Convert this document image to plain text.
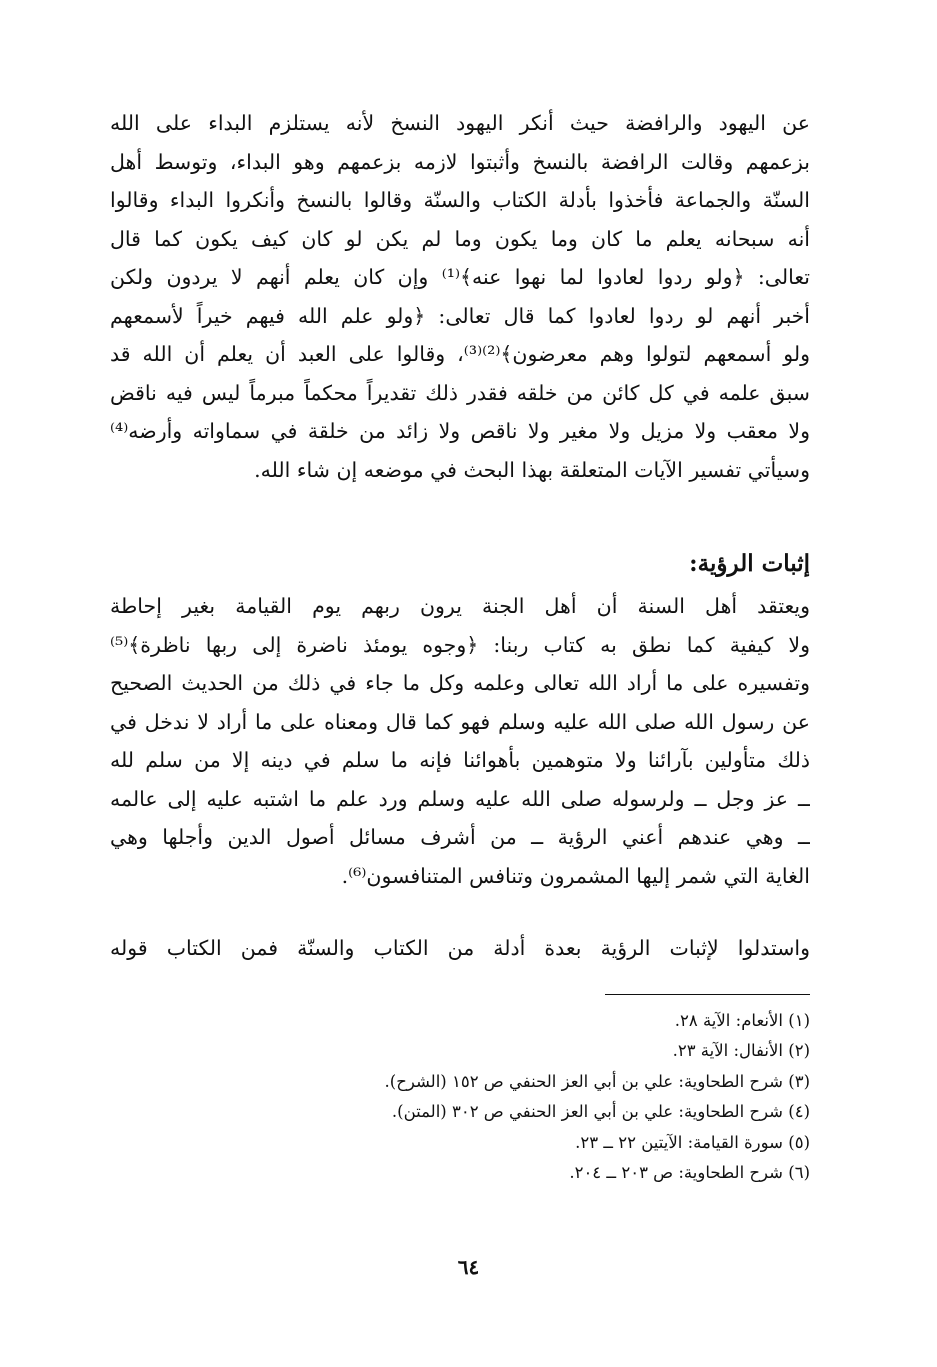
عن اليهود والرافضة حيث أنكر اليهود النسخ لأنه يستلزم البداء على الله
بزعمهم وقالت الرافضة بالنسخ وأثبتوا لازمه بزعمهم وهو البداء، وتوسط أهل
السنّة والجماعة فأخذوا بأدلة الكتاب والسنّة وقالوا بالنسخ وأنكروا البداء وقالوا
أنه سبحانه يعلم ما كان وما يكون وما لم يكن لو كان كيف يكون كما قال
تعالى: ﴿ولو ردوا لعادوا لما نهوا عنه﴾⁽¹⁾ وإن كان يعلم أنهم لا يردون ولكن
أخبر أنهم لو ردوا لعادوا كما قال تعالى: ﴿ولو علم الله فيهم خيراً لأسمعهم
ولو أسمعهم لتولوا وهم معرضون﴾⁽²⁾⁽³⁾، وقالوا على العبد أن يعلم أن الله قد
سبق علمه في كل كائن من خلقه فقدر ذلك تقديراً محكماً مبرماً ليس فيه ناقض
ولا معقب ولا مزيل ولا مغير ولا ناقص ولا زائد من خلقة في سماواته وأرضه⁽⁴⁾
وسيأتي تفسير الآيات المتعلقة بهذا البحث في موضعه إن شاء الله.
إثبات الرؤية:
ويعتقد أهل السنة أن أهل الجنة يرون ربهم يوم القيامة بغير إحاطة
ولا كيفية كما نطق به كتاب ربنا: ﴿وجوه يومئذ ناضرة إلى ربها ناظرة﴾⁽⁵⁾
وتفسيره على ما أراد الله تعالى وعلمه وكل ما جاء في ذلك من الحديث الصحيح
عن رسول الله صلى الله عليه وسلم فهو كما قال ومعناه على ما أراد لا ندخل في
ذلك متأولين بآرائنا ولا متوهمين بأهوائنا فإنه ما سلم في دينه إلا من سلم لله
ــ عز وجل ــ ولرسوله صلى الله عليه وسلم ورد علم ما اشتبه عليه إلى عالمه
ــ وهي عندهم أعني الرؤية ــ من أشرف مسائل أصول الدين وأجلها وهي
الغاية التي شمر إليها المشمرون وتنافس المتنافسون⁽⁶⁾.
واستدلوا لإثبات الرؤية بعدة أدلة من الكتاب والسنّة فمن الكتاب قوله
(١) الأنعام: الآية ٢٨.
(٢) الأنفال: الآية ٢٣.
(٣) شرح الطحاوية: علي بن أبي العز الحنفي ص ١٥٢ (الشرح).
(٤) شرح الطحاوية: علي بن أبي العز الحنفي ص ٣٠٢ (المتن).
(٥) سورة القيامة: الآيتين ٢٢ ــ ٢٣.
(٦) شرح الطحاوية: ص ٢٠٣ ــ ٢٠٤.
٦٤
